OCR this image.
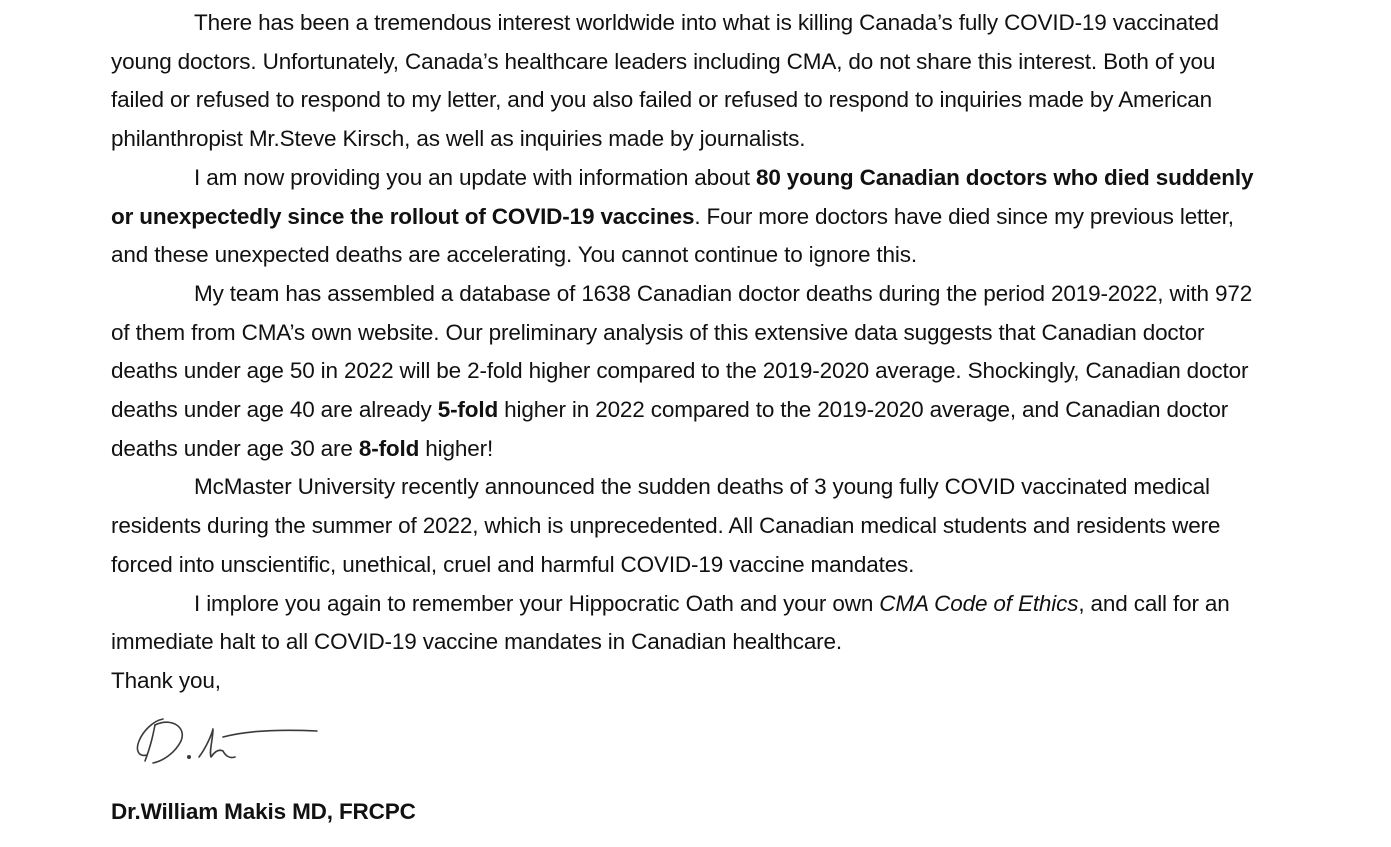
There has been a tremendous interest worldwide into what is killing Canada’s fully COVID-19 vaccinated young doctors. Unfortunately, Canada’s healthcare leaders including CMA, do not share this interest. Both of you failed or refused to respond to my letter, and you also failed or refused to respond to inquiries made by American philanthropist Mr.Steve Kirsch, as well as inquiries made by journalists.

I am now providing you an update with information about 80 young Canadian doctors who died suddenly or unexpectedly since the rollout of COVID-19 vaccines. Four more doctors have died since my previous letter, and these unexpected deaths are accelerating. You cannot continue to ignore this.

My team has assembled a database of 1638 Canadian doctor deaths during the period 2019-2022, with 972 of them from CMA’s own website. Our preliminary analysis of this extensive data suggests that Canadian doctor deaths under age 50 in 2022 will be 2-fold higher compared to the 2019-2020 average. Shockingly, Canadian doctor deaths under age 40 are already 5-fold higher in 2022 compared to the 2019-2020 average, and Canadian doctor deaths under age 30 are 8-fold higher!

McMaster University recently announced the sudden deaths of 3 young fully COVID vaccinated medical residents during the summer of 2022, which is unprecedented. All Canadian medical students and residents were forced into unscientific, unethical, cruel and harmful COVID-19 vaccine mandates.

I implore you again to remember your Hippocratic Oath and your own CMA Code of Ethics, and call for an immediate halt to all COVID-19 vaccine mandates in Canadian healthcare.

Thank you,

Dr.William Makis MD, FRCPC
